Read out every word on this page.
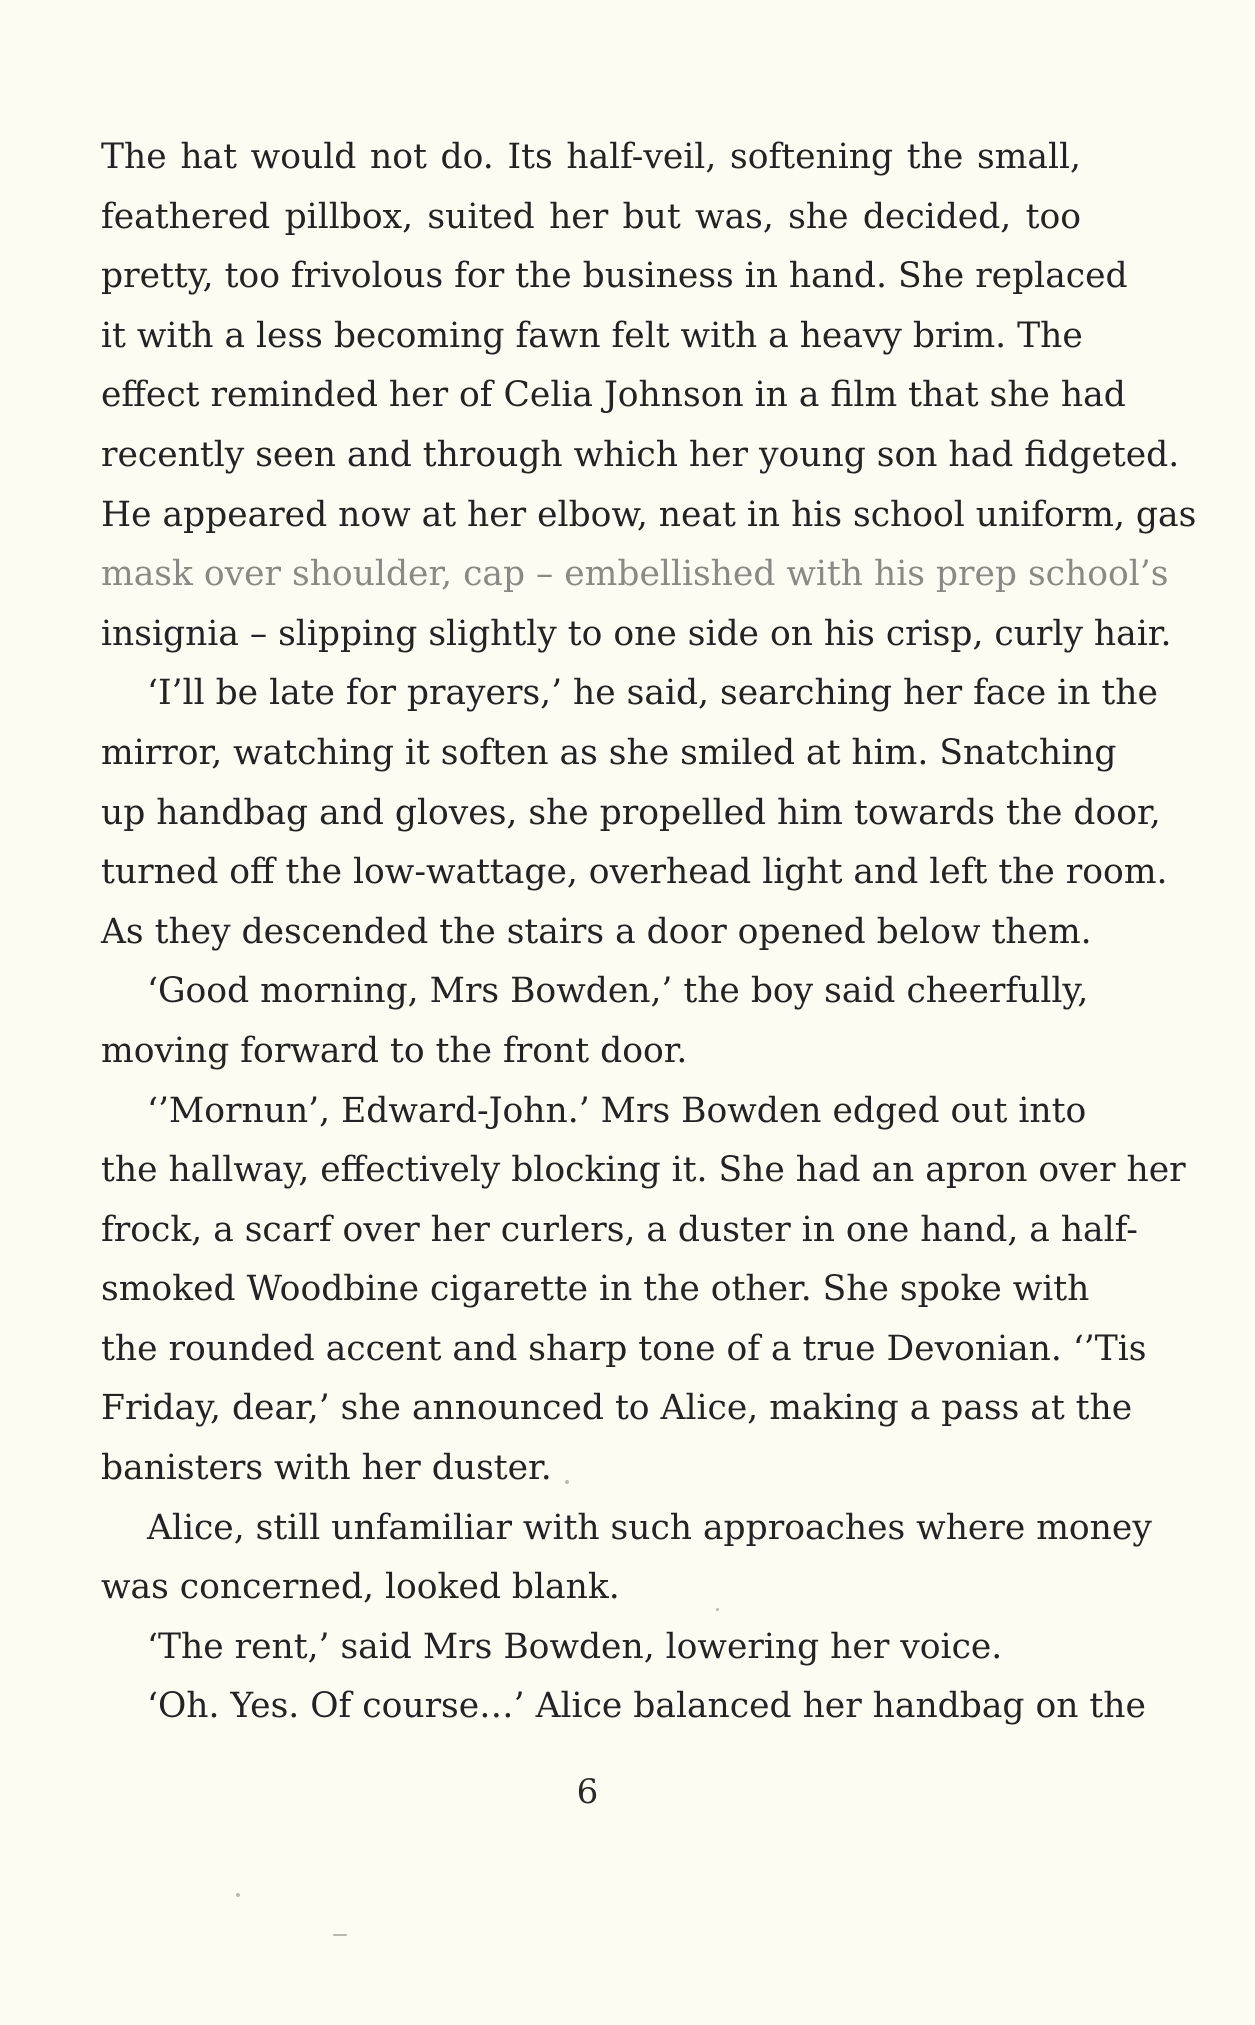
The hat would not do. Its half-veil, softening the small,
feathered pillbox, suited her but was, she decided, too
pretty, too frivolous for the business in hand. She replaced
it with a less becoming fawn felt with a heavy brim. The
effect reminded her of Celia Johnson in a film that she had
recently seen and through which her young son had fidgeted.
He appeared now at her elbow, neat in his school uniform, gas
mask over shoulder, cap – embellished with his prep school’s
insignia – slipping slightly to one side on his crisp, curly hair.
‘I’ll be late for prayers,’ he said, searching her face in the
mirror, watching it soften as she smiled at him. Snatching
up handbag and gloves, she propelled him towards the door,
turned off the low-wattage, overhead light and left the room.
As they descended the stairs a door opened below them.
‘Good morning, Mrs Bowden,’ the boy said cheerfully,
moving forward to the front door.
‘’Mornun’, Edward-John.’ Mrs Bowden edged out into
the hallway, effectively blocking it. She had an apron over her
frock, a scarf over her curlers, a duster in one hand, a half-
smoked Woodbine cigarette in the other. She spoke with
the rounded accent and sharp tone of a true Devonian. ‘’Tis
Friday, dear,’ she announced to Alice, making a pass at the
banisters with her duster.
Alice, still unfamiliar with such approaches where money
was concerned, looked blank.
‘The rent,’ said Mrs Bowden, lowering her voice.
‘Oh. Yes. Of course…’ Alice balanced her handbag on the
6
